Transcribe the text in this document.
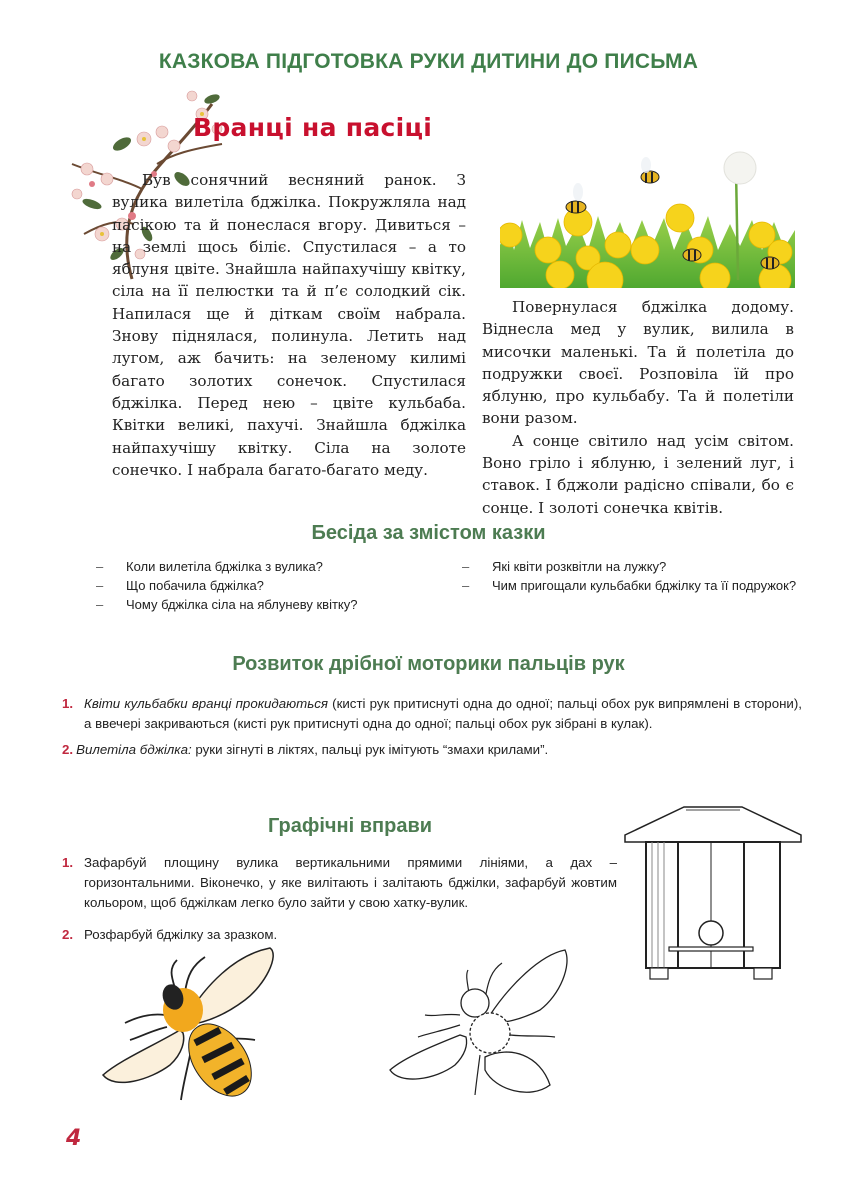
КАЗКОВА ПІДГОТОВКА РУКИ ДИТИНИ ДО ПИСЬМА
Вранці на пасіці

Був сонячний весняний ранок. З вулика вилетіла бджілка. Покружляла над пасікою та й понеслася вгору. Дивиться – на землі щось біліє. Спустилася – а то яблуня цвіте. Знайшла найпахучішу квітку, сіла на її пелюстки та й п’є солодкий сік. Напилася ще й діткам своїм набрала. Знову піднялася, полинула. Летить над лугом, аж бачить: на зеленому килимі багато золотих сонечок. Спустилася бджілка. Перед нею – цвіте кульбаба. Квітки великі, пахучі. Знайшла бджілка найпахучішу квітку. Сіла на золоте сонечко. І набрала багато-багато меду.

Повернулася бджілка додому. Віднесла мед у вулик, вилила в мисочки маленькі. Та й полетіла до подружки своєї. Розповіла їй про яблуню, про кульбабу. Та й полетіли вони разом.

А сонце світило над усім світом. Воно гріло і яблуню, і зелений луг, і ставок. І бджоли радісно співали, бо є сонце. І золоті сонечка квітів.

Бесіда за змістом казки
– Коли вилетіла бджілка з вулика?
– Що побачила бджілка?
– Чому бджілка сіла на яблуневу квітку?
– Які квіти розквітли на лужку?
– Чим пригощали кульбабки бджілку та її подружок?
Розвиток дрібної моторики пальців рук
1. Квіти кульбабки вранці прокидаються (кисті рук притиснуті одна до одної; пальці обох рук випрямлені в сторони), а ввечері закриваються (кисті рук притиснуті одна до одної; пальці обох рук зібрані в кулак).
2. Вилетіла бджілка: руки зігнуті в ліктях, пальці рук імітують “змахи крилами”.
Графічні вправи
1. Зафарбуй площину вулика вертикальними прямими лініями, а дах – горизонтальними. Віконечко, у яке вилітають і залітають бджілки, зафарбуй жовтим кольором, щоб бджілкам легко було зайти у свою хатку-вулик.
2. Розфарбуй бджілку за зразком.
4
